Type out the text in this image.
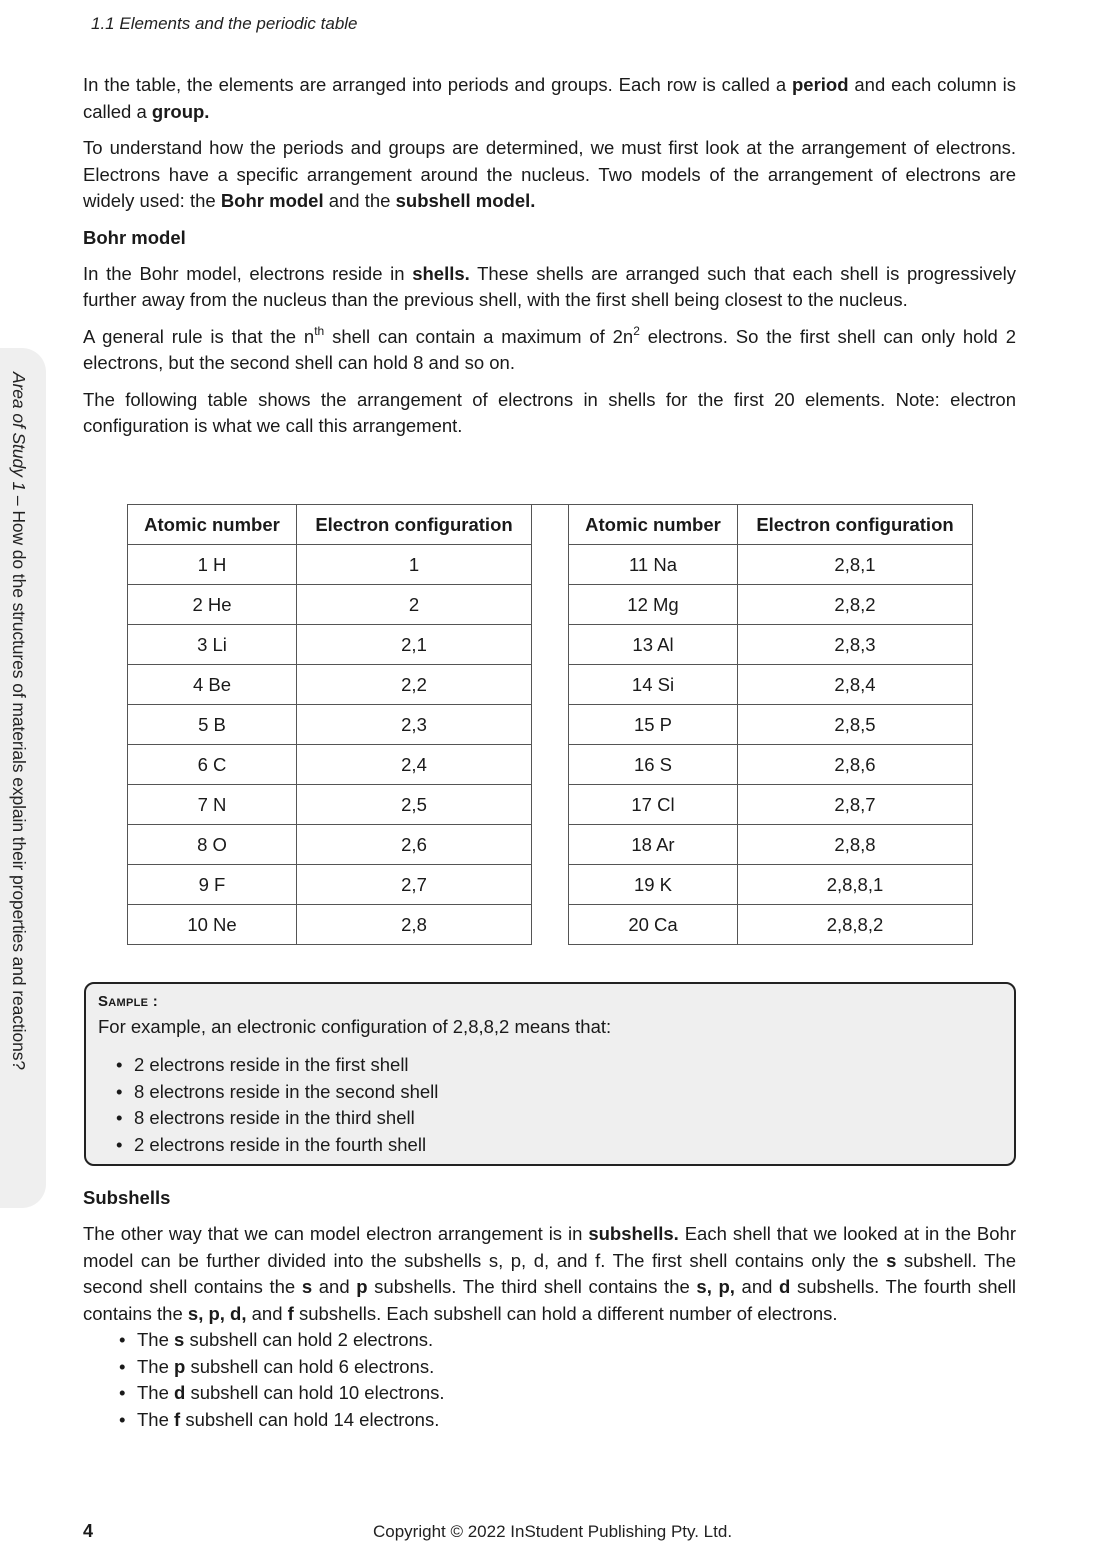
1.1 Elements and the periodic table
Area of Study 1 – How do the structures of materials explain their properties and reactions?

In the table, the elements are arranged into periods and groups. Each row is called a period and each column is called a group.

To understand how the periods and groups are determined, we must first look at the arrangement of electrons. Electrons have a specific arrangement around the nucleus. Two models of the arrangement of electrons are widely used: the Bohr model and the subshell model.

Bohr model

In the Bohr model, electrons reside in shells. These shells are arranged such that each shell is progressively further away from the nucleus than the previous shell, with the first shell being closest to the nucleus.

A general rule is that the $n^{th}$ shell can contain a maximum of $2n^2$ electrons. So the first shell can only hold 2 electrons, but the second shell can hold 8 and so on.

The following table shows the arrangement of electrons in shells for the first 20 elements. Note: electron configuration is what we call this arrangement.

Atomic number	Electron configuration		Atomic number	Electron configuration
1 H	1		11 Na	2,8,1
2 He	2		12 Mg	2,8,2
3 Li	2,1		13 Al	2,8,3
4 Be	2,2		14 Si	2,8,4
5 B	2,3		15 P	2,8,5
6 C	2,4		16 S	2,8,6
7 N	2,5		17 Cl	2,8,7
8 O	2,6		18 Ar	2,8,8
9 F	2,7		19 K	2,8,8,1
10 Ne	2,8		20 Ca	2,8,8,2
Sample :
For example, an electronic configuration of 2,8,8,2 means that:
• 2 electrons reside in the first shell
• 8 electrons reside in the second shell
• 8 electrons reside in the third shell
• 2 electrons reside in the fourth shell
Subshells

The other way that we can model electron arrangement is in subshells. Each shell that we looked at in the Bohr model can be further divided into the subshells s, p, d, and f. The first shell contains only the s subshell. The second shell contains the s and p subshells. The third shell contains the s, p, and d subshells. The fourth shell contains the s, p, d, and f subshells. Each subshell can hold a different number of electrons.

• The s subshell can hold 2 electrons.
• The p subshell can hold 6 electrons.
• The d subshell can hold 10 electrons.
• The f subshell can hold 14 electrons.
4	Copyright © 2022 InStudent Publishing Pty. Ltd.
